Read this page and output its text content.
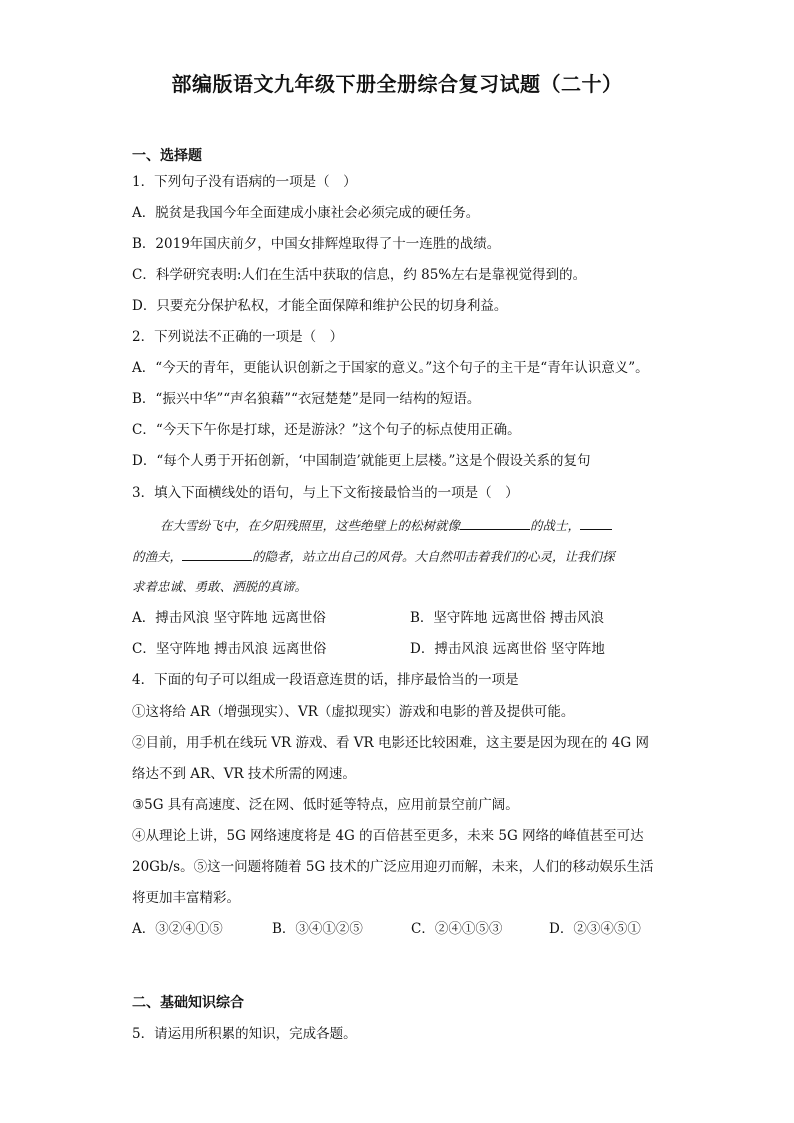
部编版语文九年级下册全册综合复习试题（二十）
一、选择题
1．下列句子没有语病的一项是（　）
A．脱贫是我国今年全面建成小康社会必须完成的硬任务。
B．2019年国庆前夕，中国女排辉煌取得了十一连胜的战绩。
C．科学研究表明:人们在生活中获取的信息，约 85%左右是靠视觉得到的。
D．只要充分保护私权，才能全面保障和维护公民的切身利益。
2．下列说法不正确的一项是（　）
A．“今天的青年，更能认识创新之于国家的意义。”这个句子的主干是“青年认识意义”。
B．“振兴中华”“声名狼藉”“衣冠楚楚”是同一结构的短语。
C．“今天下午你是打球，还是游泳？”这个句子的标点使用正确。
D．“每个人勇于开拓创新，‘中国制造’就能更上层楼。”这是个假设关系的复句
3．填入下面横线处的语句，与上下文衔接最恰当的一项是（　）
在大雪纷飞中，在夕阳残照里，这些绝壁上的松树就像	的战士，
的渔夫，	的隐者，站立出自己的风骨。大自然叩击着我们的心灵，让我们探
求着忠诚、勇敢、洒脱的真谛。
A．搏击风浪 坚守阵地 远离世俗	B．坚守阵地 远离世俗 搏击风浪
C．坚守阵地 搏击风浪 远离世俗	D．搏击风浪 远离世俗 坚守阵地
4．下面的句子可以组成一段语意连贯的话，排序最恰当的一项是
①这将给 AR（增强现实）、VR（虚拟现实）游戏和电影的普及提供可能。
②目前，用手机在线玩 VR 游戏、看 VR 电影还比较困难，这主要是因为现在的 4G 网
络达不到 AR、VR 技术所需的网速。
③5G 具有高速度、泛在网、低时延等特点，应用前景空前广阔。
④从理论上讲，5G 网络速度将是 4G 的百倍甚至更多，未来 5G 网络的峰值甚至可达
20Gb/s。⑤这一问题将随着 5G 技术的广泛应用迎刃而解，未来，人们的移动娱乐生活
将更加丰富精彩。
A．③②④①⑤	B．③④①②⑤	C．②④①⑤③	D．②③④⑤①
二、基础知识综合
5．请运用所积累的知识，完成各题。
